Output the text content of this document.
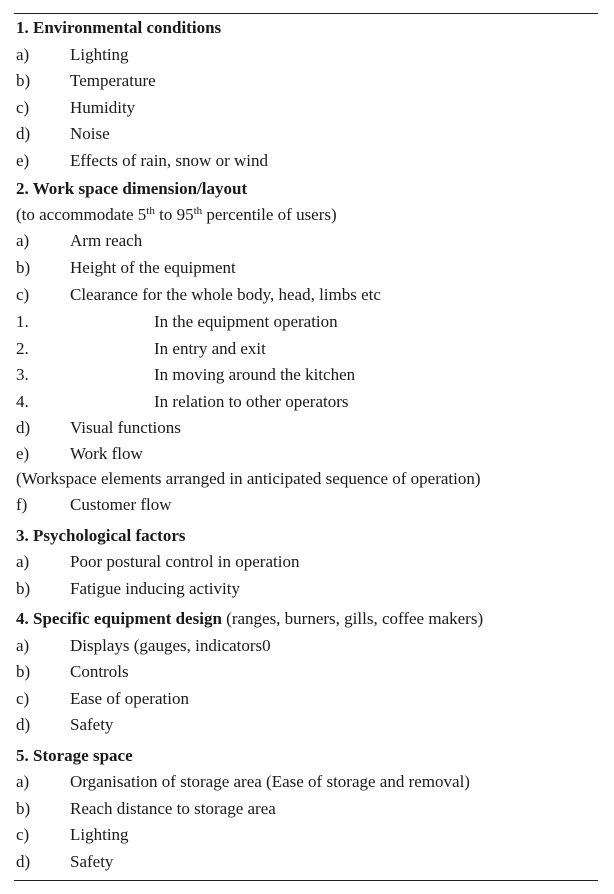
1. Environmental conditions
a) Lighting
b) Temperature
c) Humidity
d) Noise
e) Effects of rain, snow or wind
2. Work space dimension/layout
(to accommodate 5th to 95th percentile of users)
a) Arm reach
b) Height of the equipment
c) Clearance for the whole body, head, limbs etc
1.	In the equipment operation
2.	In entry and exit
3.	In moving around the kitchen
4.	In relation to other operators
d) Visual functions
e) Work flow
(Workspace elements arranged in anticipated sequence of operation)
f)	Customer flow
3. Psychological factors
a) Poor postural control in operation
b) Fatigue inducing activity
4. Specific equipment design (ranges, burners, gills, coffee makers)
a) Displays (gauges, indicators0
b) Controls
c) Ease of operation
d) Safety
5. Storage space
a) Organisation of storage area (Ease of storage and removal)
b) Reach distance to storage area
c) Lighting
d) Safety
